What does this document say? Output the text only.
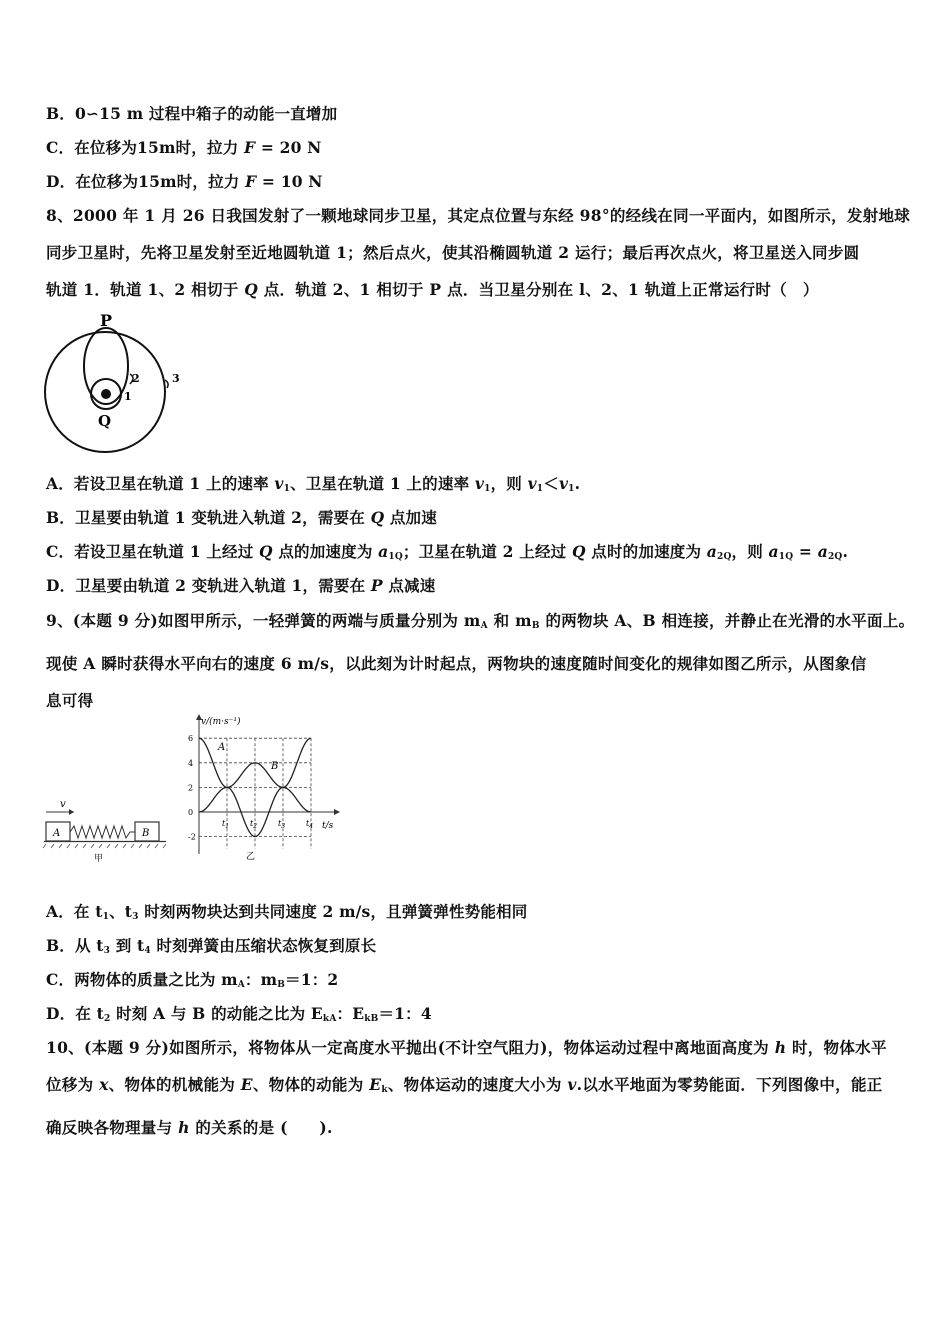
B．0∽15 m 过程中箱子的动能一直增加
C．在位移为15m时，拉力 F = 20 N
D．在位移为15m时，拉力 F = 10 N
8、2000 年 1 月 26 日我国发射了一颗地球同步卫星，其定点位置与东经 98°的经线在同一平面内，如图所示，发射地球
同步卫星时，先将卫星发射至近地圆轨道 1；然后点火，使其沿椭圆轨道 2 运行；最后再次点火，将卫星送入同步圆
轨道 1．轨道 1、2 相切于 Q 点．轨道 2、1 相切于 P 点．当卫星分别在 l、2、1 轨道上正常运行时（　）
P
Q
1
2	3
A．若设卫星在轨道 1 上的速率 $v_1$、卫星在轨道 1 上的速率 $v_1$，则 $v_1<v_1$.
B．卫星要由轨道 1 变轨进入轨道 2，需要在 Q 点加速
C．若设卫星在轨道 1 上经过 Q 点的加速度为 $a_{1Q}$；卫星在轨道 2 上经过 Q 点时的加速度为 $a_{2Q}$，则 $a_{1Q} = a_{2Q}$.
D．卫星要由轨道 2 变轨进入轨道 1，需要在 P 点减速
9、(本题 9 分)如图甲所示，一轻弹簧的两端与质量分别为 $m_A$ 和 $m_B$ 的两物块 A、B 相连接，并静止在光滑的水平面上。
现使 A 瞬时获得水平向右的速度 6 m/s，以此刻为计时起点，两物块的速度随时间变化的规律如图乙所示，从图象信
息可得
v
A	B
甲
v/(m·s⁻¹)
t/s
6
4
2
0
-2
$t_1$	$t_2$	$t_3$	$t_4$
A
B
乙
A．在 $t_1$、$t_3$ 时刻两物块达到共同速度 2 m/s，且弹簧弹性势能相同
B．从 $t_3$ 到 $t_4$ 时刻弹簧由压缩状态恢复到原长
C．两物体的质量之比为 $m_A$：$m_B=1$：2
D．在 $t_2$ 时刻 A 与 B 的动能之比为 $E_{kA}$：$E_{kB}=1$：4
10、(本题 9 分)如图所示，将物体从一定高度水平抛出(不计空气阻力)，物体运动过程中离地面高度为 h 时，物体水平
位移为 x、物体的机械能为 E、物体的动能为 $E_k$、物体运动的速度大小为 v.以水平地面为零势能面．下列图像中，能正
确反映各物理量与 h 的关系的是 (　　).
